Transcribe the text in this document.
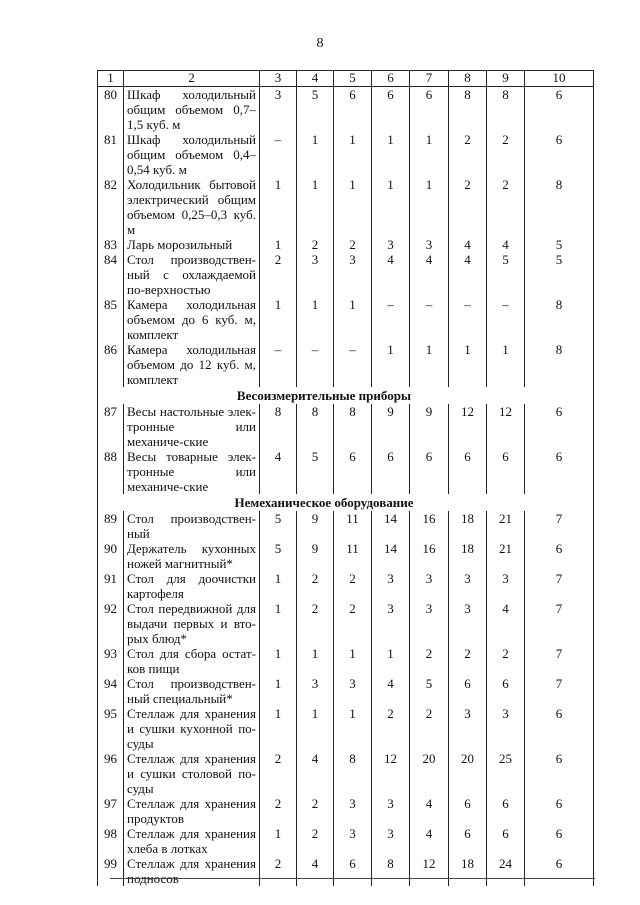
8
1	2	3	4	5	6	7	8	9	10
80	Шкаф холодильный общим объемом 0,7–1,5 куб. м	3	5	6	6	6	8	8	6
81	Шкаф холодильный общим объемом 0,4–0,54 куб. м	–	1	1	1	1	2	2	6
82	Холодильник бытовой электрический общим объемом 0,25–0,3 куб. м	1	1	1	1	1	2	2	8
83	Ларь морозильный	1	2	2	3	3	4	4	5
84	Стол производствен-ный с охлаждаемой по-верхностью	2	3	3	4	4	4	5	5
85	Камера холодильная объемом до 6 куб. м, комплект	1	1	1	–	–	–	–	8
86	Камера холодильная объемом до 12 куб. м, комплект	–	–	–	1	1	1	1	8
	Весоизмерительные приборы								
87	Весы настольные элек-тронные или механиче-ские	8	8	8	9	9	12	12	6
88	Весы товарные элек-тронные или механиче-ские	4	5	6	6	6	6	6	6
	Немеханическое оборудование								
89	Стол производствен-ный	5	9	11	14	16	18	21	7
90	Держатель кухонных ножей магнитный*	5	9	11	14	16	18	21	6
91	Стол для доочистки картофеля	1	2	2	3	3	3	3	7
92	Стол передвижной для выдачи первых и вто-рых блюд*	1	2	2	3	3	3	4	7
93	Стол для сбора остат-ков пищи	1	1	1	1	2	2	2	7
94	Стол производствен-ный специальный*	1	3	3	4	5	6	6	7
95	Стеллаж для хранения и сушки кухонной по-суды	1	1	1	2	2	3	3	6
96	Стеллаж для хранения и сушки столовой по-суды	2	4	8	12	20	20	25	6
97	Стеллаж для хранения продуктов	2	2	3	3	4	6	6	6
98	Стеллаж для хранения хлеба в лотках	1	2	3	3	4	6	6	6
99	Стеллаж для хранения подносов	2	4	6	8	12	18	24	6
